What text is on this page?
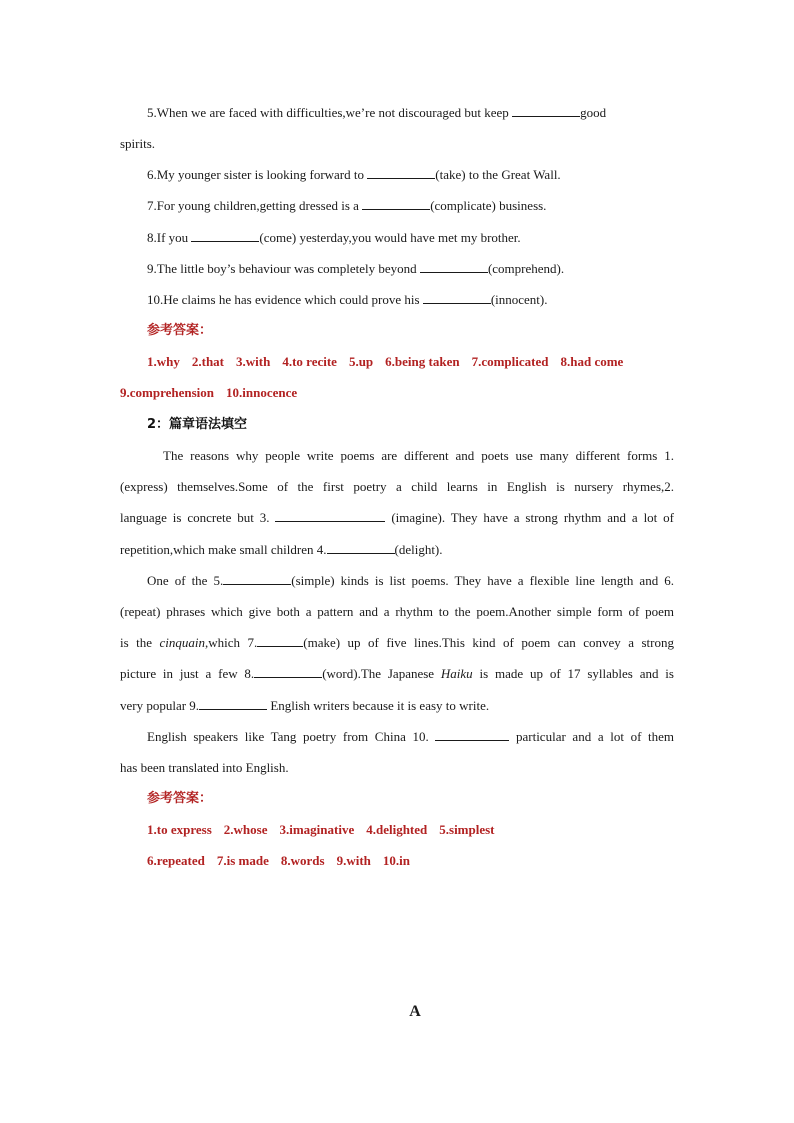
5.When we are faced with difficulties,we’re not discouraged but keep	good
spirits.
6.My younger sister is looking forward to	(take) to the Great Wall.
7.For young children,getting dressed is a	(complicate) business.
8.If you	(come) yesterday,you would have met my brother.
9.The little boy’s behaviour was completely beyond	(comprehend).
10.He claims he has evidence which could prove his	(innocent).
参考答案：
1.why 2.that 3.with 4.to recite 5.up 6.being taken 7.complicated 8.had come
9.comprehension 10.innocence
2：篇章语法填空
The reasons why people write poems are different and poets use many different forms 1.
(express) themselves.Some of the first poetry a child learns in English is nursery rhymes,2.
language is concrete but 3.	(imagine). They have a strong rhythm and a lot of
repetition,which make small children 4.	(delight).
One of the 5.	(simple) kinds is list poems. They have a flexible line length and 6.
(repeat) phrases which give both a pattern and a rhythm to the poem.Another simple form of poem
is the cinquain,which 7.	(make) up of five lines.This kind of poem can convey a strong
picture in just a few 8.	(word).The Japanese Haiku is made up of 17 syllables and is
very popular 9.	English writers because it is easy to write.
English speakers like Tang poetry from China 10.	particular and a lot of them
has been translated into English.
参考答案：
1.to express 2.whose 3.imaginative 4.delighted 5.simplest
6.repeated 7.is made 8.words 9.with 10.in
A
